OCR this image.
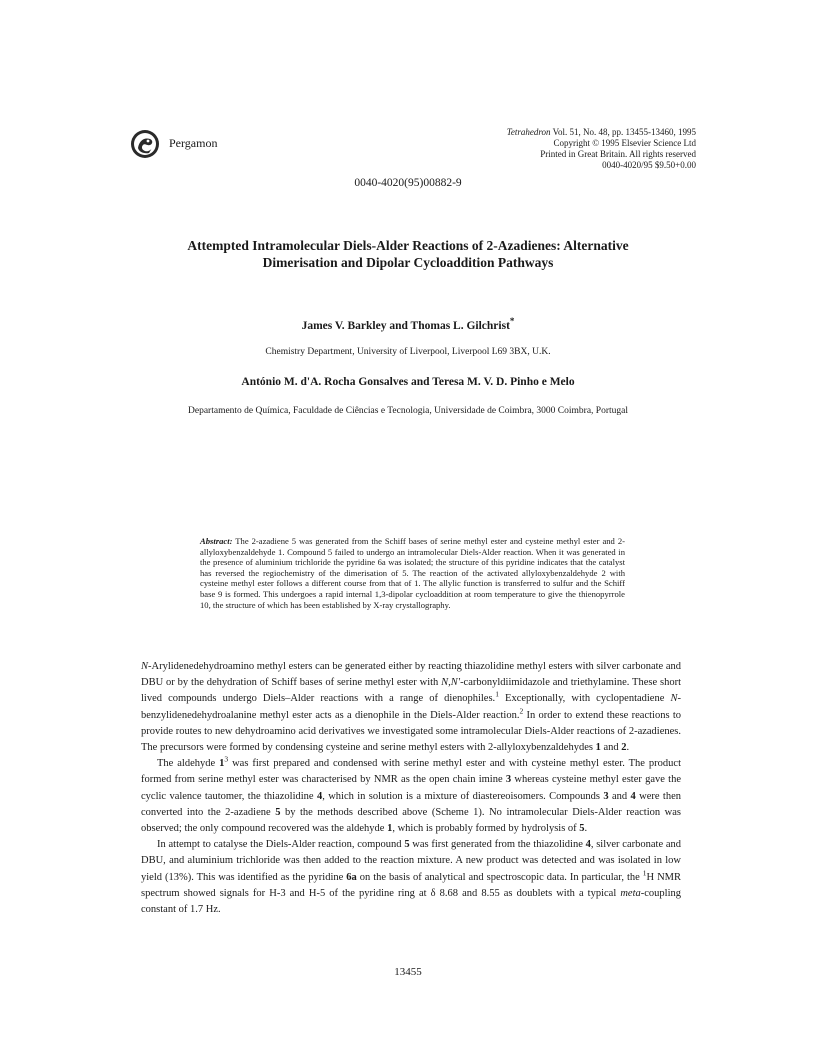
Pergamon
Tetrahedron Vol. 51, No. 48, pp. 13455-13460, 1995
Copyright © 1995 Elsevier Science Ltd
Printed in Great Britain. All rights reserved
0040-4020/95 $9.50+0.00
0040-4020(95)00882-9
Attempted Intramolecular Diels-Alder Reactions of 2-Azadienes: Alternative Dimerisation and Dipolar Cycloaddition Pathways
James V. Barkley and Thomas L. Gilchrist*
Chemistry Department, University of Liverpool, Liverpool L69 3BX, U.K.
António M. d'A. Rocha Gonsalves and Teresa M. V. D. Pinho e Melo
Departamento de Química, Faculdade de Ciências e Tecnologia, Universidade de Coimbra, 3000 Coimbra, Portugal
Abstract: The 2-azadiene 5 was generated from the Schiff bases of serine methyl ester and cysteine methyl ester and 2-allyloxybenzaldehyde 1. Compound 5 failed to undergo an intramolecular Diels-Alder reaction. When it was generated in the presence of aluminium trichloride the pyridine 6a was isolated; the structure of this pyridine indicates that the catalyst has reversed the regiochemistry of the dimerisation of 5. The reaction of the activated allyloxybenzaldehyde 2 with cysteine methyl ester follows a different course from that of 1. The allylic function is transferred to sulfur and the Schiff base 9 is formed. This undergoes a rapid internal 1,3-dipolar cycloaddition at room temperature to give the thienopyrrole 10, the structure of which has been established by X-ray crystallography.

N-Arylidenedehydroamino methyl esters can be generated either by reacting thiazolidine methyl esters with silver carbonate and DBU or by the dehydration of Schiff bases of serine methyl ester with N,N'-carbonyldiimidazole and triethylamine. These short lived compounds undergo Diels–Alder reactions with a range of dienophiles.$^1$ Exceptionally, with cyclopentadiene N-benzylidenedehydroalanine methyl ester acts as a dienophile in the Diels-Alder reaction.$^2$ In order to extend these reactions to provide routes to new dehydroamino acid derivatives we investigated some intramolecular Diels-Alder reactions of 2-azadienes. The precursors were formed by condensing cysteine and serine methyl esters with 2-allyloxybenzaldehydes 1 and 2.

The aldehyde $1^3$ was first prepared and condensed with serine methyl ester and with cysteine methyl ester. The product formed from serine methyl ester was characterised by NMR as the open chain imine 3 whereas cysteine methyl ester gave the cyclic valence tautomer, the thiazolidine 4, which in solution is a mixture of diastereoisomers. Compounds 3 and 4 were then converted into the 2-azadiene 5 by the methods described above (Scheme 1). No intramolecular Diels-Alder reaction was observed; the only compound recovered was the aldehyde 1, which is probably formed by hydrolysis of 5.

In attempt to catalyse the Diels-Alder reaction, compound 5 was first generated from the thiazolidine 4, silver carbonate and DBU, and aluminium trichloride was then added to the reaction mixture. A new product was detected and was isolated in low yield (13%). This was identified as the pyridine 6a on the basis of analytical and spectroscopic data. In particular, the $^1$H NMR spectrum showed signals for H-3 and H-5 of the pyridine ring at δ 8.68 and 8.55 as doublets with a typical meta-coupling constant of 1.7 Hz.

13455
